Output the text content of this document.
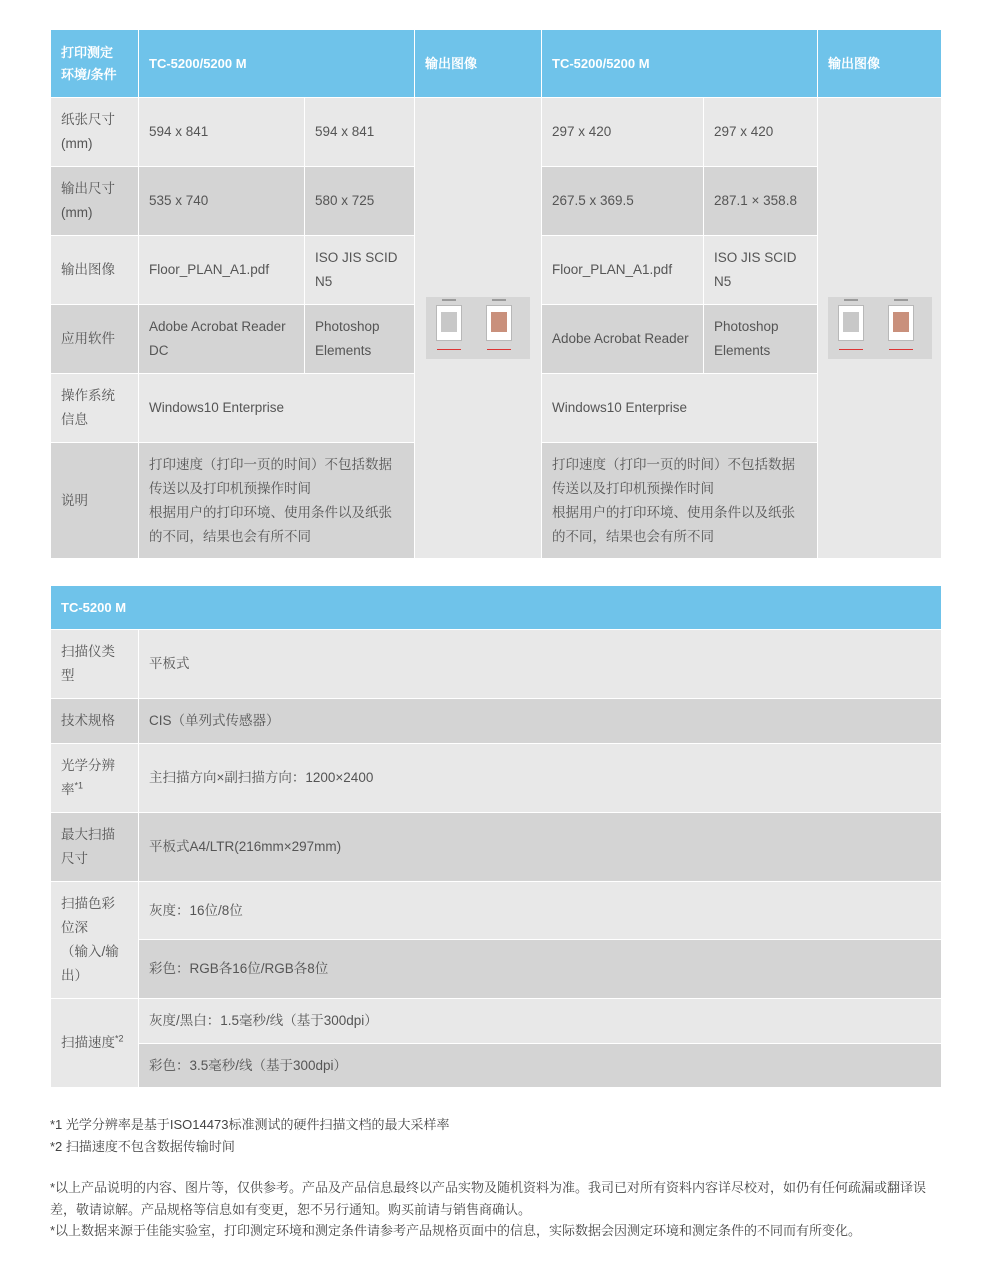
打印测定
环境/条件	TC-5200/5200 M		输出图像	TC-5200/5200 M		输出图像
纸张尺寸 (mm)	594 x 841	594 x 841		297 x 420	297 x 420	

输出尺寸 (mm)	535 x 740	580 x 725		267.5 x 369.5	287.1 × 358.8	
输出图像	Floor_PLAN_A1.pdf	ISO JIS SCID N5		Floor_PLAN_A1.pdf	ISO JIS SCID N5	
应用软件	Adobe Acrobat Reader DC	Photoshop Elements		Adobe Acrobat Reader	Photoshop Elements	
操作系统信息	Windows10 Enterprise			Windows10 Enterprise		
说明	打印速度（打印一页的时间）不包括数据传送以及打印机预操作时间
根据用户的打印环境、使用条件以及纸张的不同，结果也会有所不同			打印速度（打印一页的时间）不包括数据传送以及打印机预操作时间
根据用户的打印环境、使用条件以及纸张的不同，结果也会有所不同		
TC-5200 M	
扫描仪类型	平板式
技术规格	CIS（单列式传感器）
光学分辨率$^{*1}$	主扫描方向×副扫描方向：1200×2400
最大扫描尺寸	平板式A4/LTR(216mm×297mm)
扫描色彩位深
（输入/输出）	灰度：16位/8位
	彩色：RGB各16位/RGB各8位
扫描速度$^{*2}$	灰度/黑白：1.5毫秒/线（基于300dpi）
	彩色：3.5毫秒/线（基于300dpi）

*1 光学分辨率是基于ISO14473标准测试的硬件扫描文档的最大采样率

*2 扫描速度不包含数据传输时间

*以上产品说明的内容、图片等，仅供参考。产品及产品信息最终以产品实物及随机资料为准。我司已对所有资料内容详尽校对，如仍有任何疏漏或翻译误差，敬请谅解。产品规格等信息如有变更，恕不另行通知。购买前请与销售商确认。

*以上数据来源于佳能实验室，打印测定环境和测定条件请参考产品规格页面中的信息，实际数据会因测定环境和测定条件的不同而有所变化。
